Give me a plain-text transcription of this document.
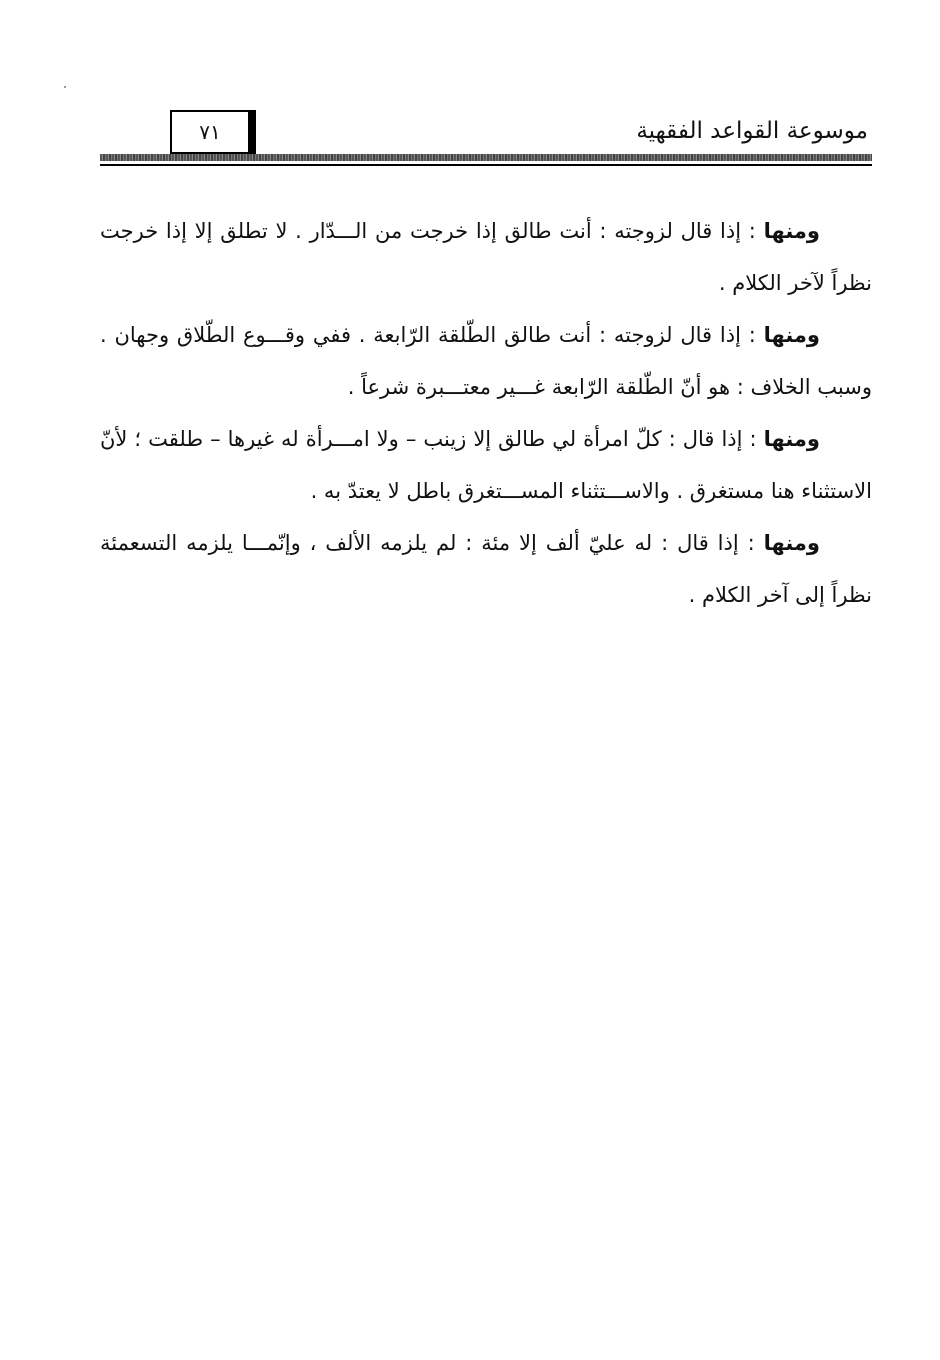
٧١	موسوعة القواعد الفقهية

ومنها : إذا قال لزوجته : أنت طالق إذا خرجت من الـــدّار . لا تطلق إلا إذا خرجت نظراً لآخر الكلام .

ومنها : إذا قال لزوجته : أنت طالق الطّلقة الرّابعة . ففي وقـــوع الطّلاق وجهان . وسبب الخلاف : هو أنّ الطّلقة الرّابعة غـــير معتـــبرة شرعاً .

ومنها : إذا قال : كلّ امرأة لي طالق إلا زينب – ولا امـــرأة له غيرها – طلقت ؛ لأنّ الاستثناء هنا مستغرق . والاســـتثناء المســـتغرق باطل لا يعتدّ به .

ومنها : إذا قال : له عليّ ألف إلا مئة : لم يلزمه الألف ، وإنّمـــا يلزمه التسعمئة نظراً إلى آخر الكلام .
